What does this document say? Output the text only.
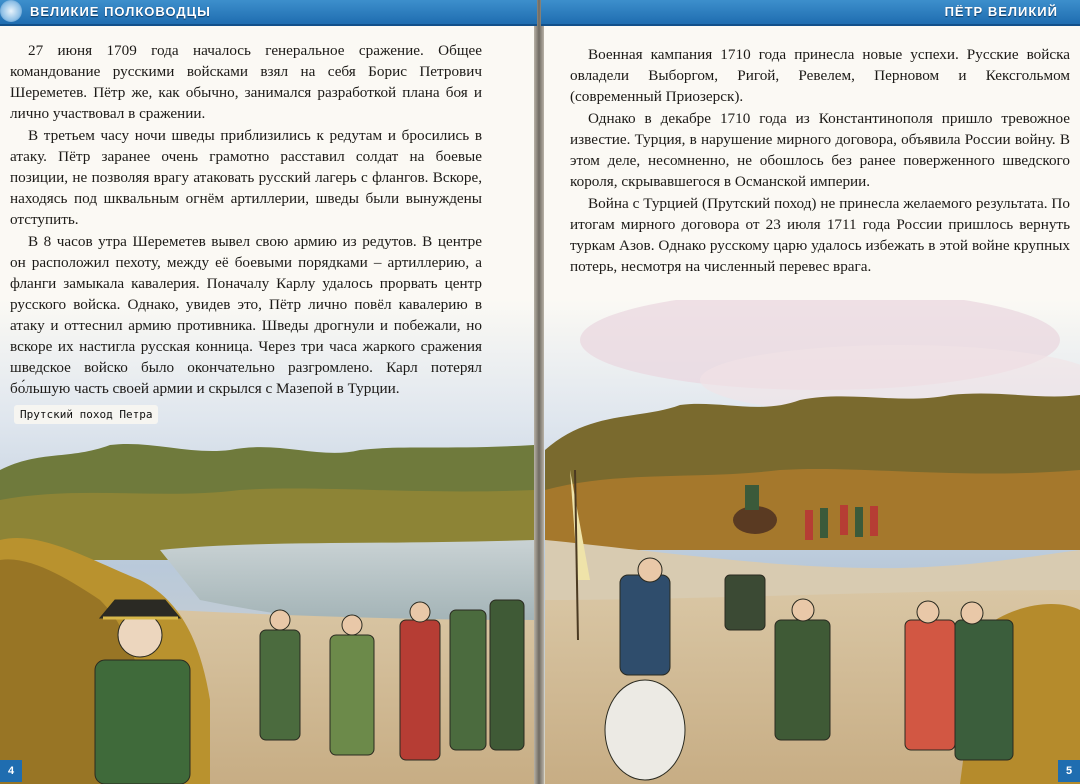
ВЕЛИКИЕ ПОЛКОВОДЦЫ	ПЁТР ВЕЛИКИЙ

27 июня 1709 года началось генеральное сражение. Общее командование русскими войсками взял на себя Борис Петрович Шереметев. Пётр же, как обычно, занимался разработкой плана боя и лично участвовал в сражении.

В третьем часу ночи шведы приблизились к редутам и бросились в атаку. Пётр заранее очень грамотно расставил солдат на боевые позиции, не позволяя врагу атаковать русский лагерь с флангов. Вскоре, находясь под шквальным огнём артиллерии, шведы были вынуждены отступить.

В 8 часов утра Шереметев вывел свою армию из редутов. В центре он расположил пехоту, между её боевыми порядками – артиллерию, а фланги замыкала кавалерия. Поначалу Карлу удалось прорвать центр русского войска. Однако, увидев это, Пётр лично повёл кавалерию в атаку и оттеснил армию противника. Шведы дрогнули и побежали, но вскоре их настигла русская конница. Через три часа жаркого сражения шведское войско было окончательно разгромлено. Карл потерял бо́льшую часть своей армии и скрылся с Мазепой в Турции.

Военная кампания 1710 года принесла новые успехи. Русские войска овладели Выборгом, Ригой, Ревелем, Перновом и Кексгольмом (современный Приозерск).

Однако в декабре 1710 года из Константинополя пришло тревожное известие. Турция, в нарушение мирного договора, объявила России войну. В этом деле, несомненно, не обошлось без ранее поверженного шведского короля, скрывавшегося в Османской империи.

Война с Турцией (Прутский поход) не принесла желаемого результата. По итогам мирного договора от 23 июля 1711 года России пришлось вернуть туркам Азов. Однако русскому царю удалось избежать в этой войне крупных потерь, несмотря на численный перевес врага.

Прутский поход Петра
4	5
